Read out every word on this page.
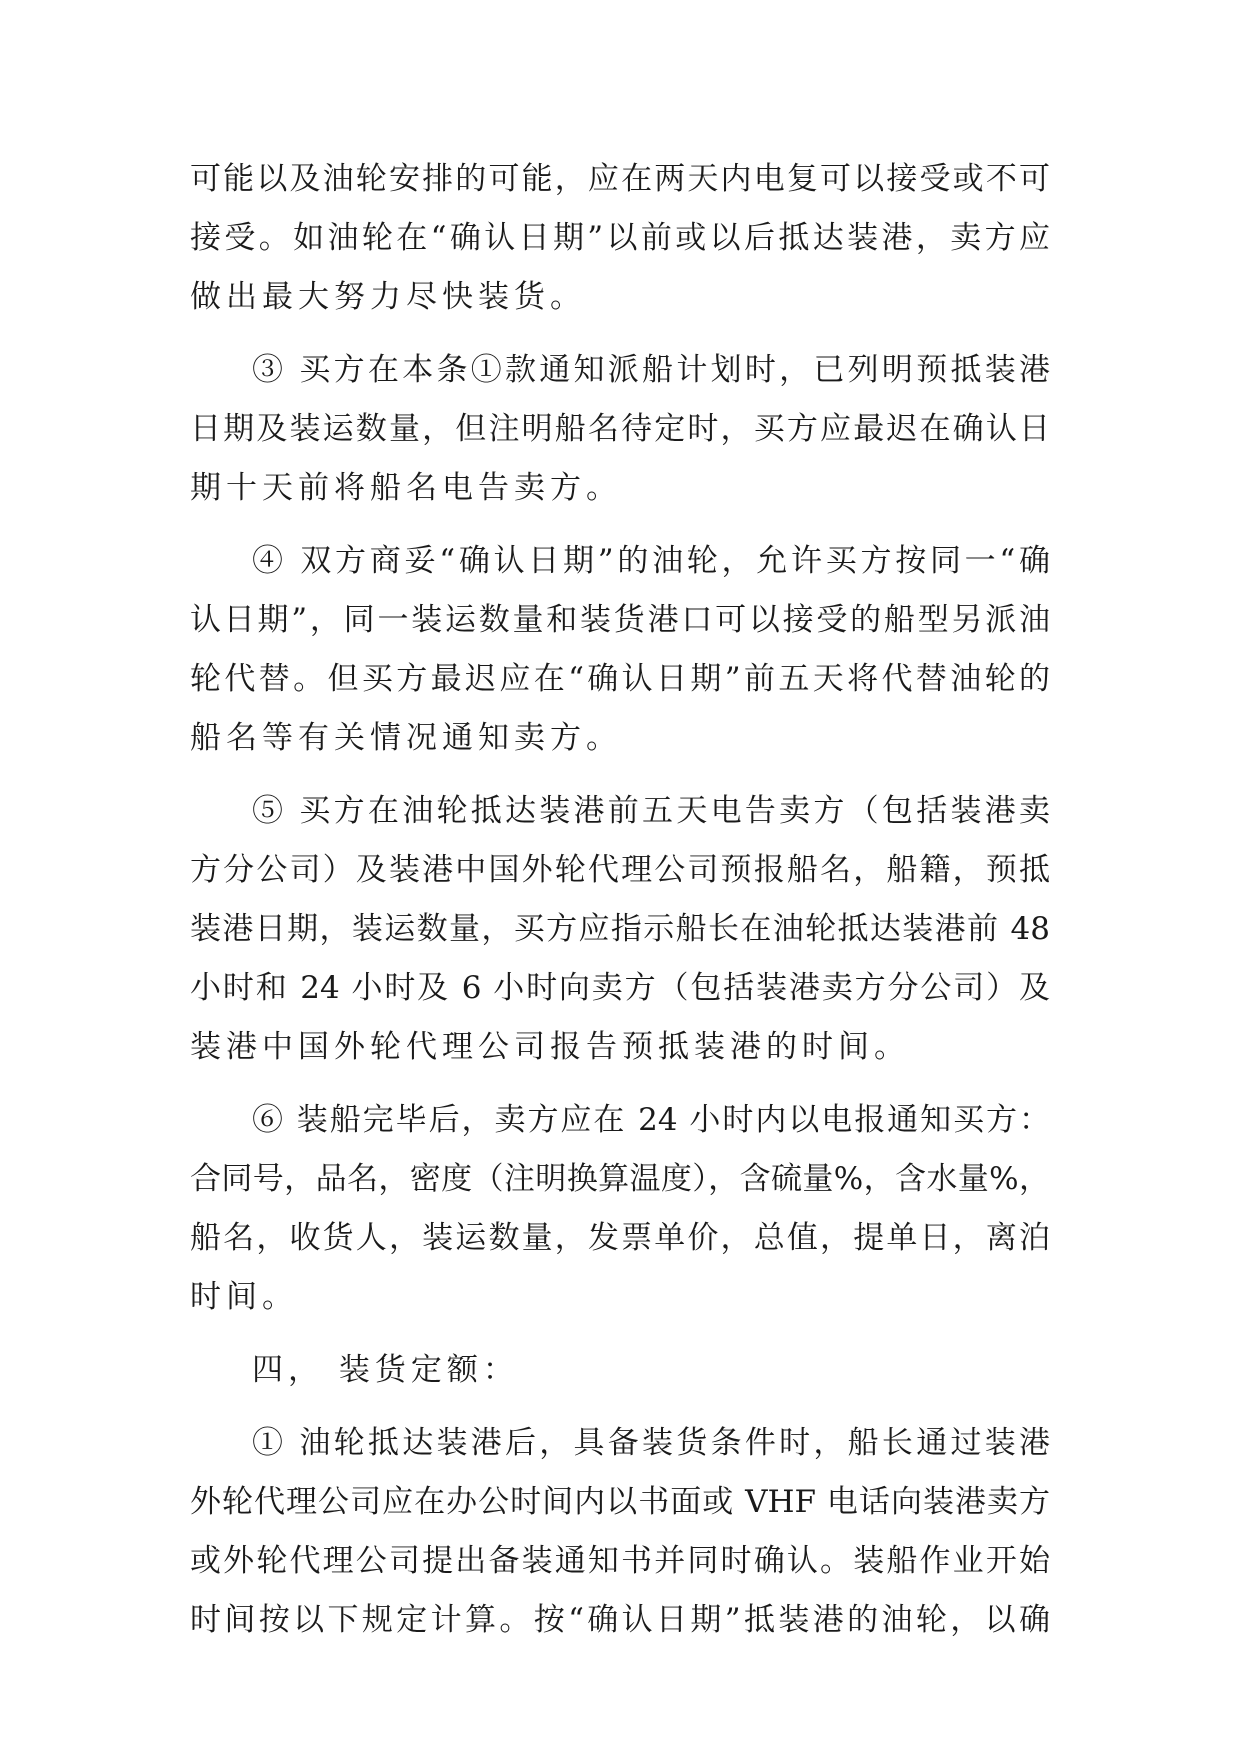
可能以及油轮安排的可能，应在两天内电复可以接受或不可
接受。如油轮在“确认日期”以前或以后抵达装港，卖方应
做出最大努力尽快装货。
③ 买方在本条①款通知派船计划时，已列明预抵装港
日期及装运数量，但注明船名待定时，买方应最迟在确认日
期十天前将船名电告卖方。
④ 双方商妥“确认日期”的油轮，允许买方按同一“确
认日期”，同一装运数量和装货港口可以接受的船型另派油
轮代替。但买方最迟应在“确认日期”前五天将代替油轮的
船名等有关情况通知卖方。
⑤ 买方在油轮抵达装港前五天电告卖方（包括装港卖
方分公司）及装港中国外轮代理公司预报船名，船籍，预抵
装港日期，装运数量，买方应指示船长在油轮抵达装港前 48
小时和 24 小时及 6 小时向卖方（包括装港卖方分公司）及
装港中国外轮代理公司报告预抵装港的时间。
⑥ 装船完毕后，卖方应在 24 小时内以电报通知买方：
合同号，品名，密度（注明换算温度），含硫量%，含水量%，
船名，收货人，装运数量，发票单价，总值，提单日，离泊
时间。
四， 装货定额：
① 油轮抵达装港后，具备装货条件时，船长通过装港
外轮代理公司应在办公时间内以书面或 VHF 电话向装港卖方
或外轮代理公司提出备装通知书并同时确认。装船作业开始
时间按以下规定计算。按“确认日期”抵装港的油轮，以确
